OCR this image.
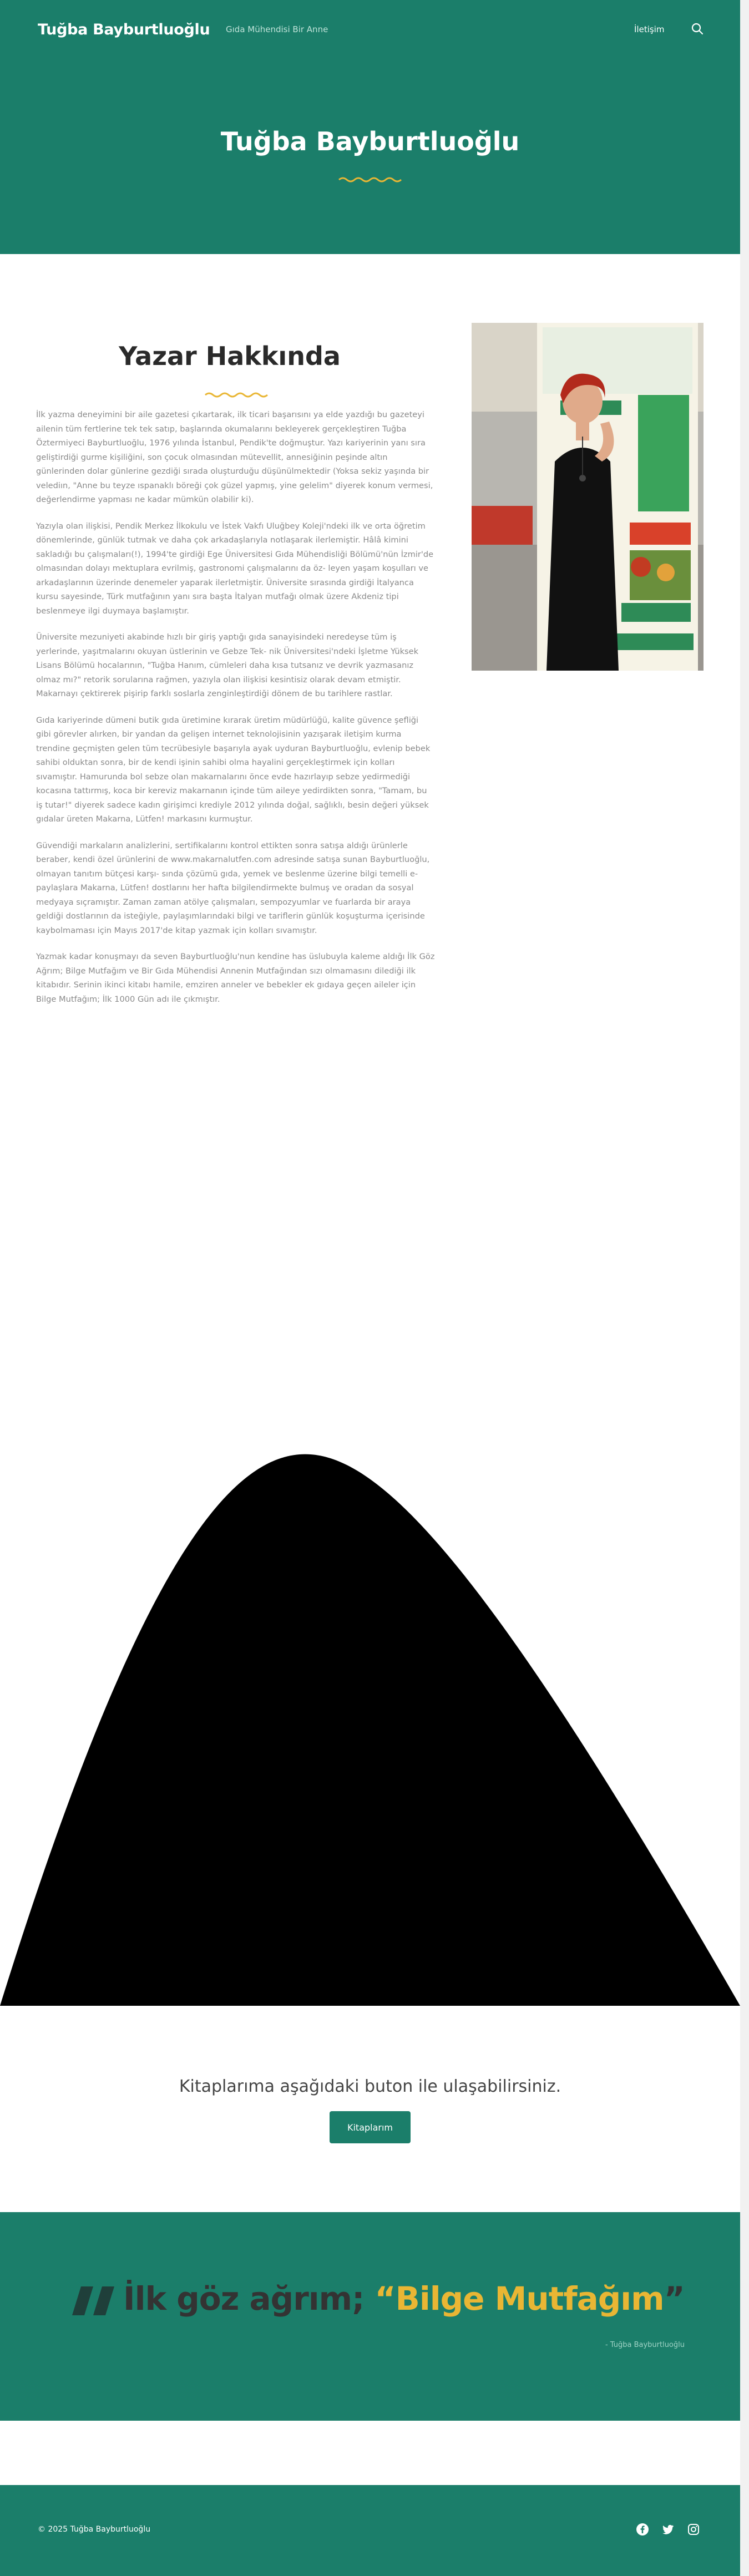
Tuğba Bayburtluoğlu Gıda Mühendisi Bir Anne	İletişim
Tuğba Bayburtluoğlu
Yazar Hakkında

İlk yazma deneyimini bir aile gazetesi çıkartarak, ilk ticari başarısını ya elde yazdığı bu gazeteyi ailenin tüm fertlerine tek tek satıp, başlarında okumalarını bekleyerek gerçekleştiren Tuğba Öztermiyeci Bayburtluoğlu, 1976 yılında İstanbul, Pendik'te doğmuştur. Yazı kariyerinin yanı sıra geliştirdiği gurme kişiliğini, son çocuk olmasından mütevellit, annesiğinin peşinde altın günlerinden dolar günlerine gezdiği sırada oluşturduğu düşünülmektedir (Yoksa sekiz yaşında bir velediın, "Anne bu teyze ıspanaklı böreği çok güzel yapmış, yine gelelim" diyerek konum vermesi, değerlendirme yapması ne kadar mümkün olabilir ki).

Yazıyla olan ilişkisi, Pendik Merkez İlkokulu ve İstek Vakfı Uluğbey Koleji'ndeki ilk ve orta öğretim dönemlerinde, günlük tutmak ve daha çok arkadaşlarıyla notlaşarak ilerlemiştir. Hâlâ kimini sakladığı bu çalışmaları(!), 1994'te girdiği Ege Üniversitesi Gıda Mühendisliği Bölümü'nün İzmir'de olmasından dolayı mektuplara evrilmiş, gastronomi çalışmalarını da öz- leyen yaşam koşulları ve arkadaşlarının üzerinde denemeler yaparak ilerletmiştir. Üniversite sırasında girdiği İtalyanca kursu sayesinde, Türk mutfağının yanı sıra başta İtalyan mutfağı olmak üzere Akdeniz tipi beslenmeye ilgi duymaya başlamıştır.

Üniversite mezuniyeti akabinde hızlı bir giriş yaptığı gıda sanayisindeki neredeyse tüm iş yerlerinde, yaşıtmalarını okuyan üstlerinin ve Gebze Tek- nik Üniversitesi'ndeki İşletme Yüksek Lisans Bölümü hocalarının, "Tuğba Hanım, cümleleri daha kısa tutsanız ve devrik yazmasanız olmaz mı?" retorik sorularına rağmen, yazıyla olan ilişkisi kesintisiz olarak devam etmiştir. Makarnayı çektirerek pişirip farklı soslarla zenginleştirdiği dönem de bu tarihlere rastlar.

Gıda kariyerinde dümeni butik gıda üretimine kırarak üretim müdürlüğü, kalite güvence şefliği gibi görevler alırken, bir yandan da gelişen internet teknolojisinin yazışarak iletişim kurma trendine geçmişten gelen tüm tecrübesiyle başarıyla ayak uyduran Bayburtluoğlu, evlenip bebek sahibi olduktan sonra, bir de kendi işinin sahibi olma hayalini gerçekleştirmek için kolları sıvamıştır. Hamurunda bol sebze olan makarnalarını önce evde hazırlayıp sebze yedirmediği kocasına tattırmış, koca bir kereviz makarnanın içinde tüm aileye yedirdikten sonra, "Tamam, bu iş tutar!" diyerek sadece kadın girişimci krediyle 2012 yılında doğal, sağlıklı, besin değeri yüksek gıdalar üreten Makarna, Lütfen! markasını kurmuştur.

Güvendiği markaların analizlerini, sertifikalarını kontrol ettikten sonra satışa aldığı ürünlerle beraber, kendi özel ürünlerini de www.makarnalutfen.com adresinde satışa sunan Bayburtluoğlu, olmayan tanıtım bütçesi karşı- sında çözümü gıda, yemek ve beslenme üzerine bilgi temelli e-paylaşlara Makarna, Lütfen! dostlarını her hafta bilgilendirmekte bulmuş ve oradan da sosyal medyaya sıçramıştır. Zaman zaman atölye çalışmaları, sempozyumlar ve fuarlarda bir araya geldiği dostlarının da isteğiyle, paylaşımlarındaki bilgi ve tariflerin günlük koşuşturma içerisinde kaybolmaması için Mayıs 2017'de kitap yazmak için kolları sıvamıştır.

Yazmak kadar konuşmayı da seven Bayburtluoğlu'nun kendine has üslubuyla kaleme aldığı İlk Göz Ağrım; Bilge Mutfağım ve Bir Gıda Mühendisi Annenin Mutfağından sızı olmamasını dilediği ilk kitabıdır. Serinin ikinci kitabı hamile, emziren anneler ve bebekler ek gıdaya geçen aileler için Bilge Mutfağım; İlk 1000 Gün adı ile çıkmıştır.

Kitaplarıma aşağıdaki buton ile ulaşabilirsiniz.
Kitaplarım
İlk göz ağrım; “Bilge Mutfağım”
- Tuğba Bayburtluoğlu
© 2025 Tuğba Bayburtluoğlu
